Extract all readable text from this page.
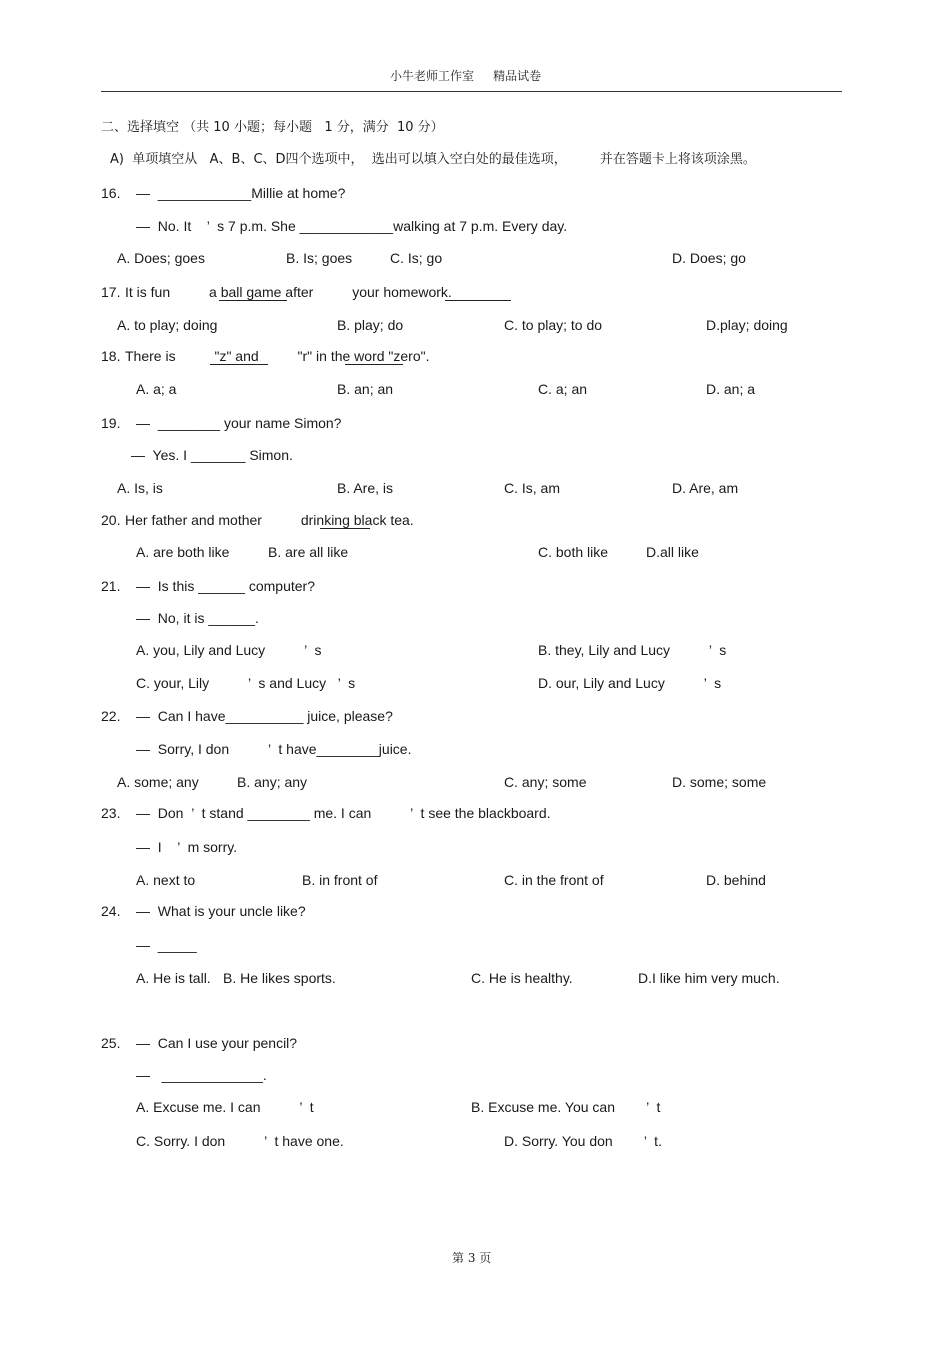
小牛老师工作室     精品试卷
二、选择填空 （共 10 小题；每小题   1 分，满分  10 分）
A)  单项填空从   A、B、C、D四个选项中，  选出可以填入空白处的最佳选项，        并在答题卡上将该项涂黑。
16. —  ____________Millie at home?
—  No. It    ’  s 7 p.m. She ____________walking at 7 p.m. Every day.
A. Does; goes	B. Is; goes	C. Is; go	D. Does; go
17. It is fun          a ball game after          your homework.
A. to play; doing	B. play; do	C. to play; to do	D.play; doing
18. There is          "z" and          "r" in the word "zero".
A. a; a	B. an; an	C. a; an	D. an; a
19. —  ________ your name Simon?
—  Yes. I _______ Simon.
A. Is, is	B. Are, is	C. Is, am	D. Are, am
20. Her father and mother          drinking black tea.
A. are both like	B. are all like	C. both like	D.all like
21. —  Is this ______ computer?
—  No, it is ______.
A. you, Lily and Lucy          ’  s	B. they, Lily and Lucy          ’  s
C. your, Lily          ’  s and Lucy   ’  s	D. our, Lily and Lucy          ’  s
22. —  Can I have__________ juice, please?
—  Sorry, I don          ’  t have________juice.
A. some; any	B. any; any	C. any; some	D. some; some
23. —  Don  ’  t stand ________ me. I can          ’  t see the blackboard.
—  I    ’  m sorry.
A. next to	B. in front of	C. in the front of	D. behind
24. —  What is your uncle like?
—  _____
A. He is tall. B. He likes sports.	C. He is healthy.	D.I like him very much.
25. —  Can I use your pencil?
—   _____________.
A. Excuse me. I can          ’  t	B. Excuse me. You can        ’  t
C. Sorry. I don          ’  t have one.	D. Sorry. You don        ’  t.
第 3 页
